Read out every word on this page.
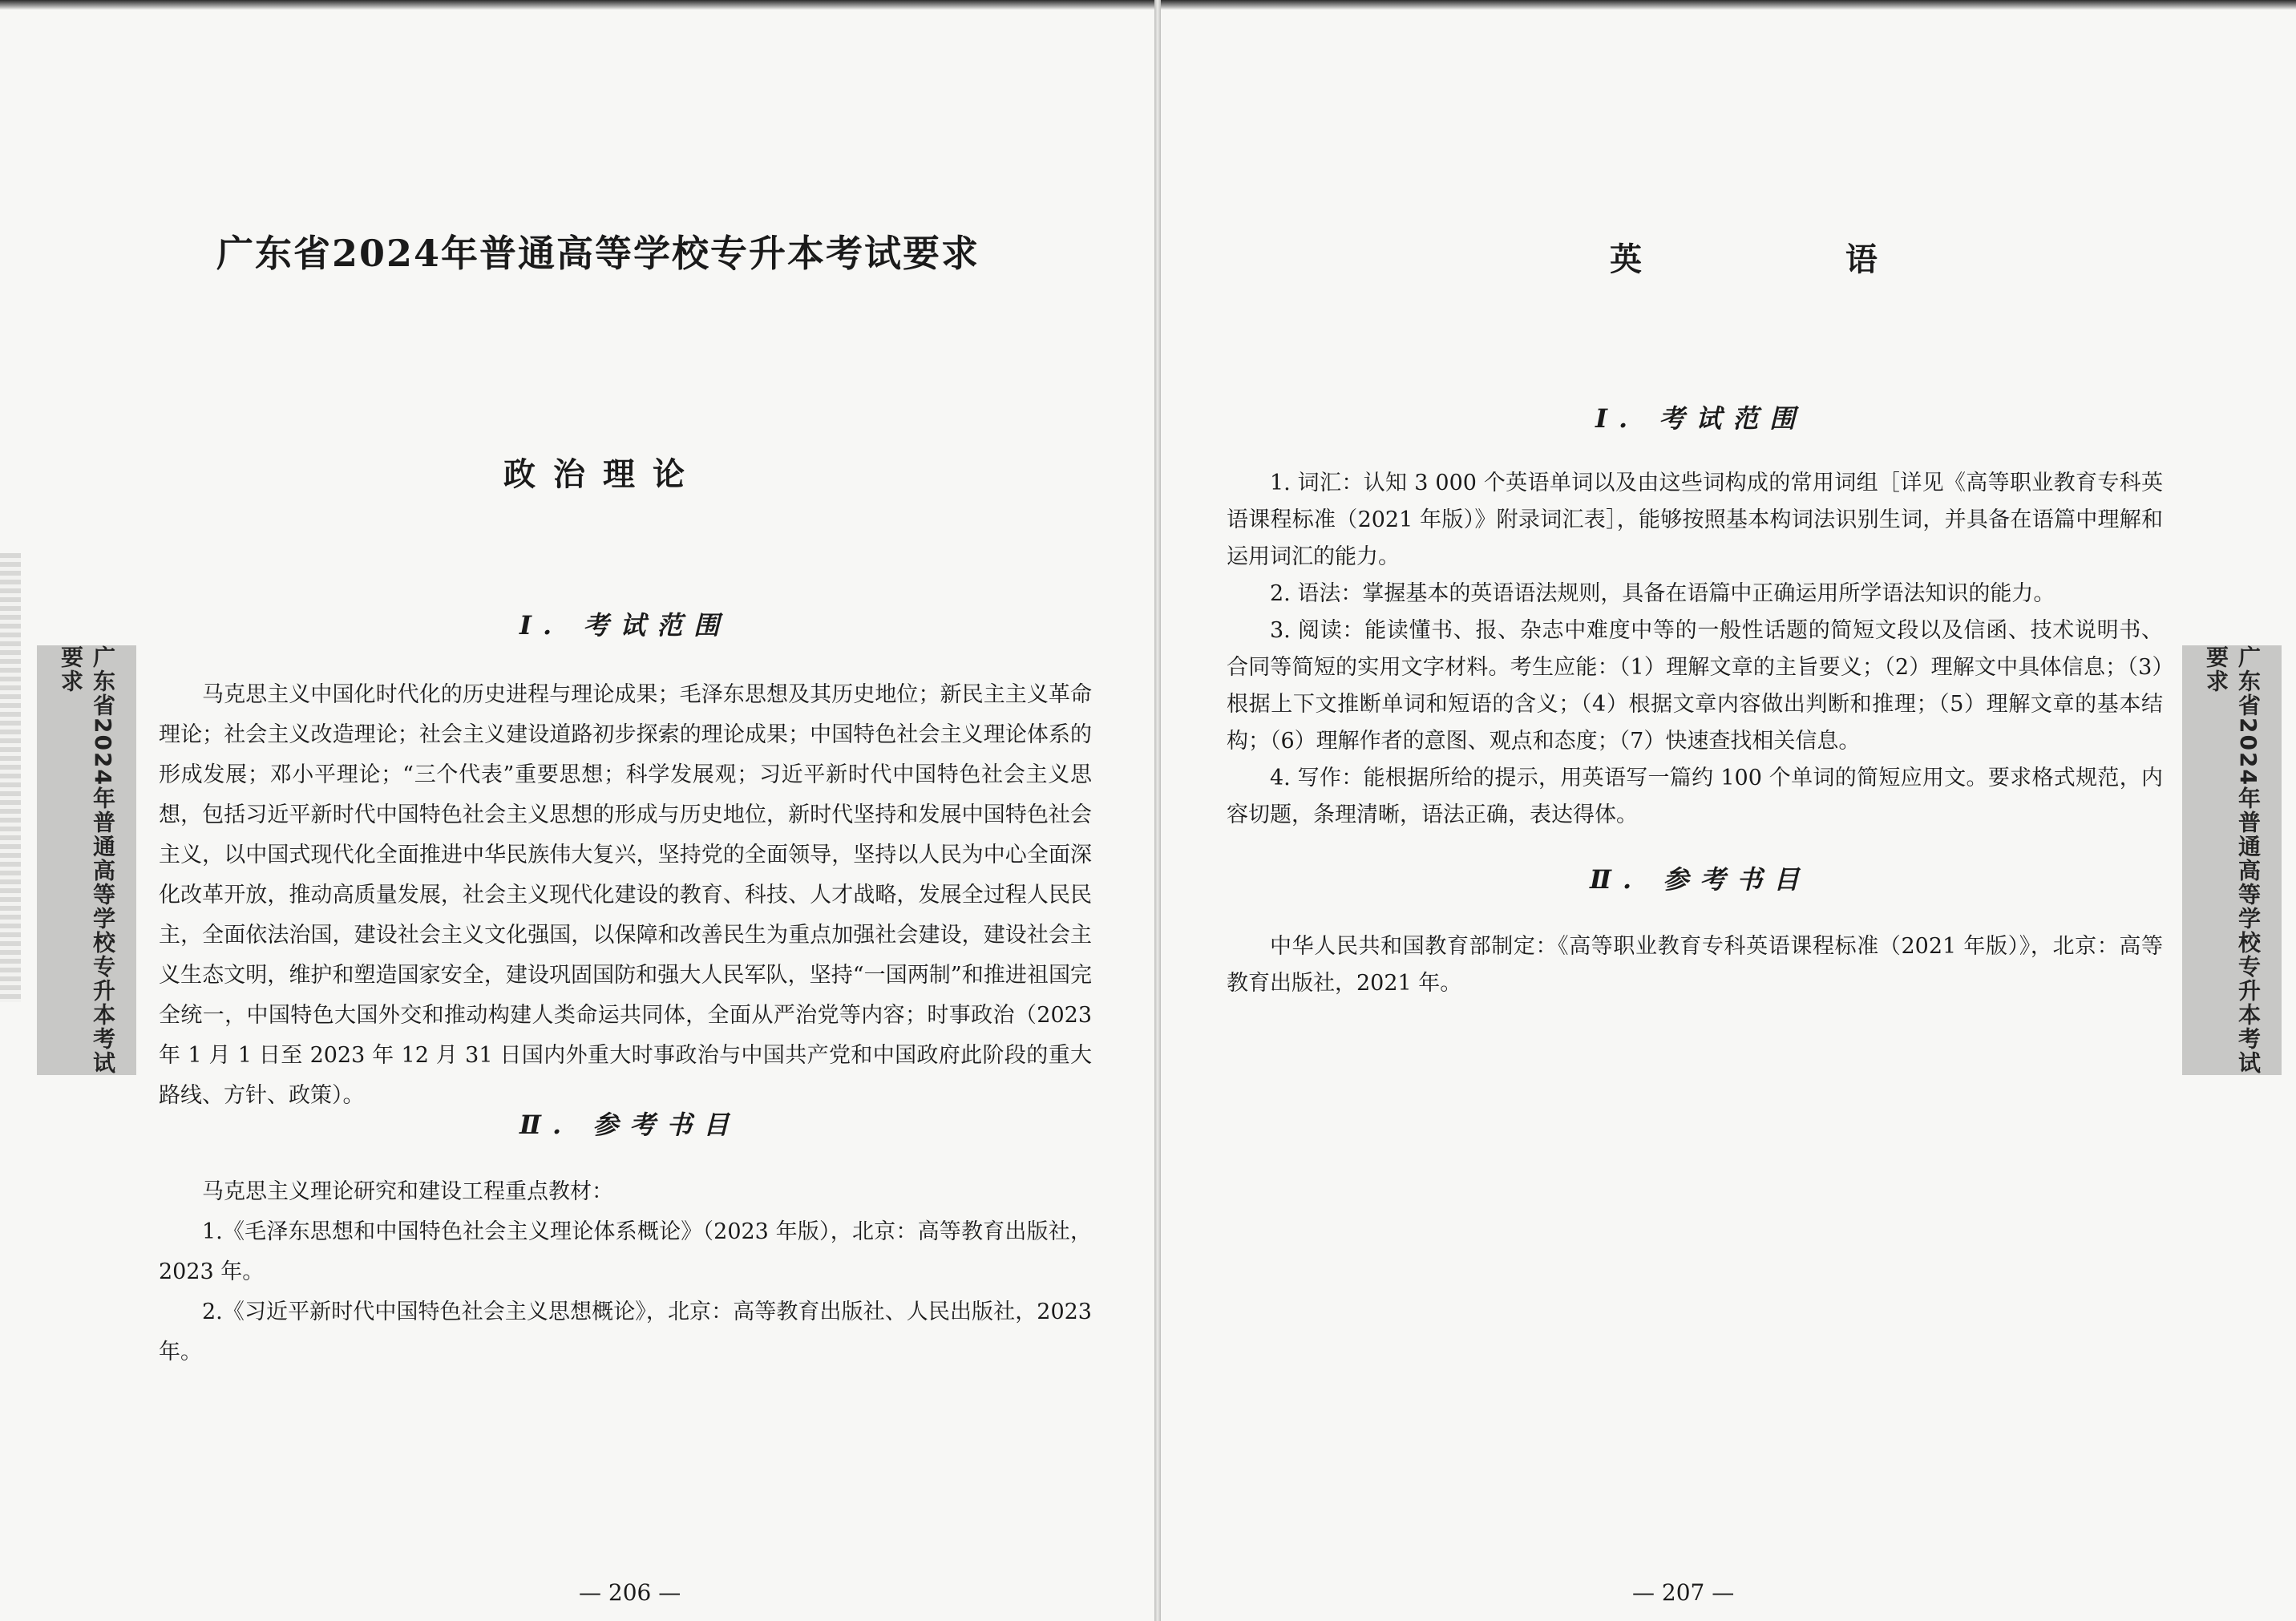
广东省2024年普通高等学校专升本考试要求
政治理论
Ⅰ. 考试范围

马克思主义中国化时代化的历史进程与理论成果；毛泽东思想及其历史地位；新民主主义革命理论；社会主义改造理论；社会主义建设道路初步探索的理论成果；中国特色社会主义理论体系的形成发展；邓小平理论；“三个代表”重要思想；科学发展观；习近平新时代中国特色社会主义思想，包括习近平新时代中国特色社会主义思想的形成与历史地位，新时代坚持和发展中国特色社会主义，以中国式现代化全面推进中华民族伟大复兴，坚持党的全面领导，坚持以人民为中心全面深化改革开放，推动高质量发展，社会主义现代化建设的教育、科技、人才战略，发展全过程人民民主，全面依法治国，建设社会主义文化强国，以保障和改善民生为重点加强社会建设，建设社会主义生态文明，维护和塑造国家安全，建设巩固国防和强大人民军队，坚持“一国两制”和推进祖国完全统一，中国特色大国外交和推动构建人类命运共同体，全面从严治党等内容；时事政治（2023 年 1 月 1 日至 2023 年 12 月 31 日国内外重大时事政治与中国共产党和中国政府此阶段的重大路线、方针、政策）。

Ⅱ. 参考书目

马克思主义理论研究和建设工程重点教材：

1.《毛泽东思想和中国特色社会主义理论体系概论》（2023 年版），北京：高等教育出版社，2023 年。

2.《习近平新时代中国特色社会主义思想概论》，北京：高等教育出版社、人民出版社，2023 年。

广东省2024年普通高等学校专升本考试要求
— 206 —
英 语
Ⅰ. 考试范围

1. 词汇：认知 3 000 个英语单词以及由这些词构成的常用词组［详见《高等职业教育专科英语课程标准（2021 年版）》附录词汇表］，能够按照基本构词法识别生词，并具备在语篇中理解和运用词汇的能力。

2. 语法：掌握基本的英语语法规则，具备在语篇中正确运用所学语法知识的能力。

3. 阅读：能读懂书、报、杂志中难度中等的一般性话题的简短文段以及信函、技术说明书、合同等简短的实用文字材料。考生应能：（1）理解文章的主旨要义；（2）理解文中具体信息；（3）根据上下文推断单词和短语的含义；（4）根据文章内容做出判断和推理；（5）理解文章的基本结构；（6）理解作者的意图、观点和态度；（7）快速查找相关信息。

4. 写作：能根据所给的提示，用英语写一篇约 100 个单词的简短应用文。要求格式规范，内容切题，条理清晰，语法正确，表达得体。

Ⅱ. 参考书目

中华人民共和国教育部制定：《高等职业教育专科英语课程标准（2021 年版）》，北京：高等教育出版社，2021 年。	广东省2024年普通高等学校专升本考试要求
— 207 —
